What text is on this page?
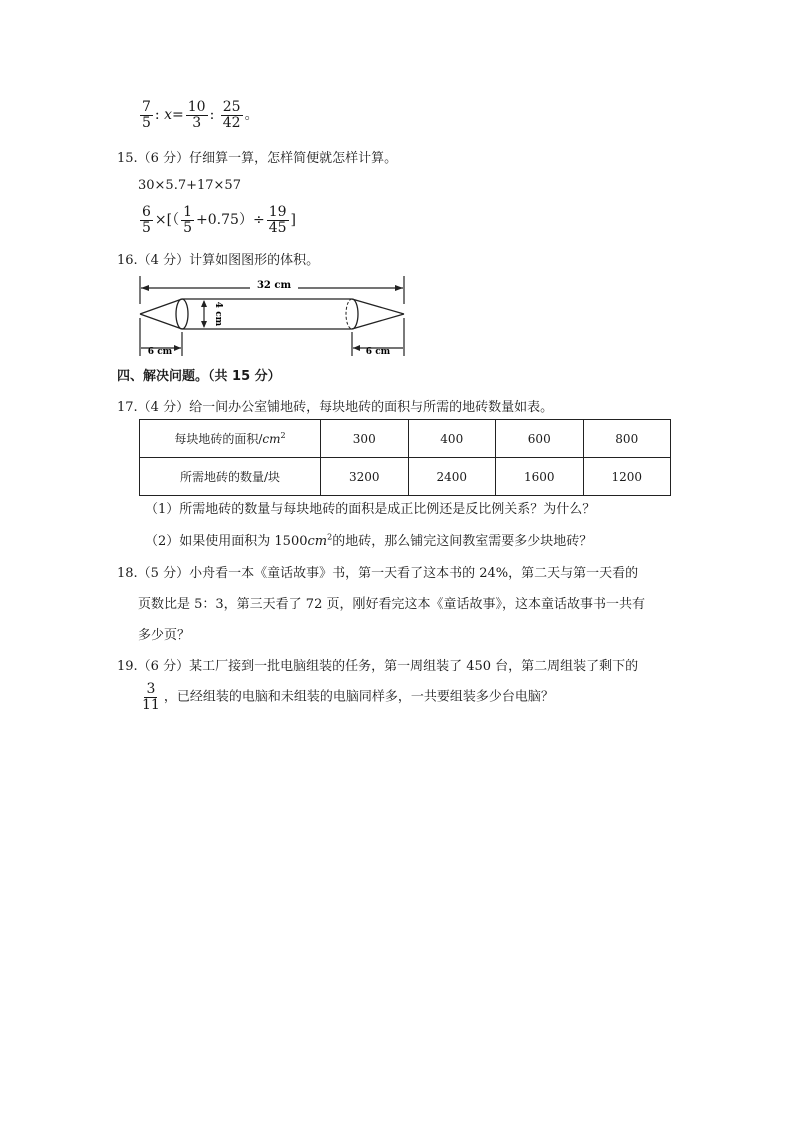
$\frac{7}{5}$ : $x= \frac{10}{3}$ : $\frac{25}{42}$ 。
15.（6 分）仔细算一算，怎样简便就怎样计算。
30×5.7+17×57
$\frac{6}{5}$ ×[（ $\frac{1}{5} +0.75)\div \frac{19}{45}$ ]
16.（4 分）计算如图图形的体积。
32 cm
4 cm
6 cm	6 cm
四、解决问题。（共 15 分）
17.（4 分）给一间办公室铺地砖，每块地砖的面积与所需的地砖数量如表。
每块地砖的面积$/cm^2$	300	400	600	800
所需地砖的数量/块	3200	2400	1600	1200
（1）所需地砖的数量与每块地砖的面积是成正比例还是反比例关系？为什么？
（2）如果使用面积为 $1500cm^2$的地砖，那么铺完这间教室需要多少块地砖？
18.（5 分）小舟看一本《童话故事》书，第一天看了这本书的 24%，第二天与第一天看的
页数比是 5：3，第三天看了 72 页，刚好看完这本《童话故事》，这本童话故事书一共有
多少页？
19.（6 分）某工厂接到一批电脑组装的任务，第一周组装了 450 台，第二周组装了剩下的
$\frac{3}{11}$ ，已经组装的电脑和未组装的电脑同样多，一共要组装多少台电脑？
